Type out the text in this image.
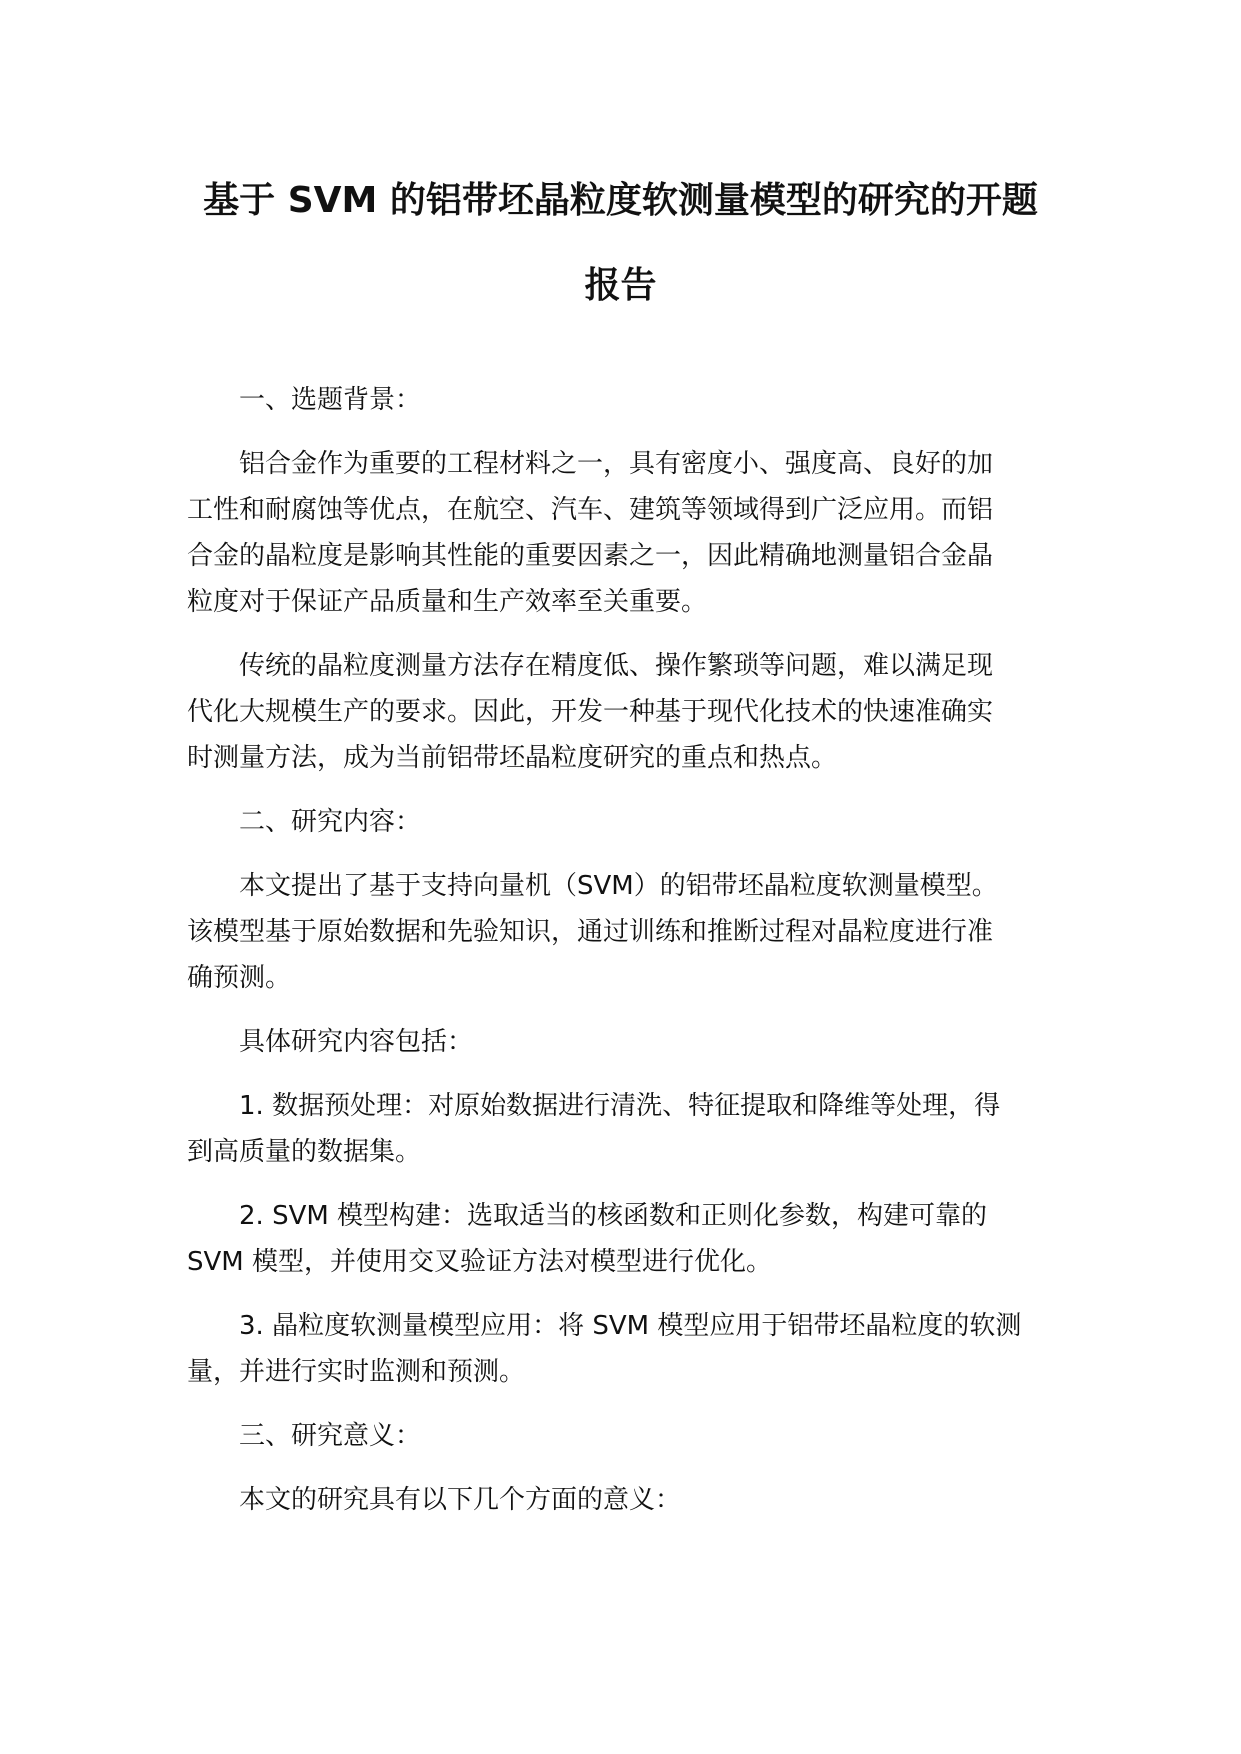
基于 SVM 的铝带坯晶粒度软测量模型的研究的开题
报告

一、选题背景：

铝合金作为重要的工程材料之一，具有密度小、强度高、良好的加
工性和耐腐蚀等优点，在航空、汽车、建筑等领域得到广泛应用。而铝
合金的晶粒度是影响其性能的重要因素之一，因此精确地测量铝合金晶
粒度对于保证产品质量和生产效率至关重要。

传统的晶粒度测量方法存在精度低、操作繁琐等问题，难以满足现
代化大规模生产的要求。因此，开发一种基于现代化技术的快速准确实
时测量方法，成为当前铝带坯晶粒度研究的重点和热点。

二、研究内容：

本文提出了基于支持向量机（SVM）的铝带坯晶粒度软测量模型。
该模型基于原始数据和先验知识，通过训练和推断过程对晶粒度进行准
确预测。

具体研究内容包括：

1. 数据预处理：对原始数据进行清洗、特征提取和降维等处理，得
到高质量的数据集。

2. SVM 模型构建：选取适当的核函数和正则化参数，构建可靠的
SVM 模型，并使用交叉验证方法对模型进行优化。

3. 晶粒度软测量模型应用：将 SVM 模型应用于铝带坯晶粒度的软测
量，并进行实时监测和预测。

三、研究意义：

本文的研究具有以下几个方面的意义：
